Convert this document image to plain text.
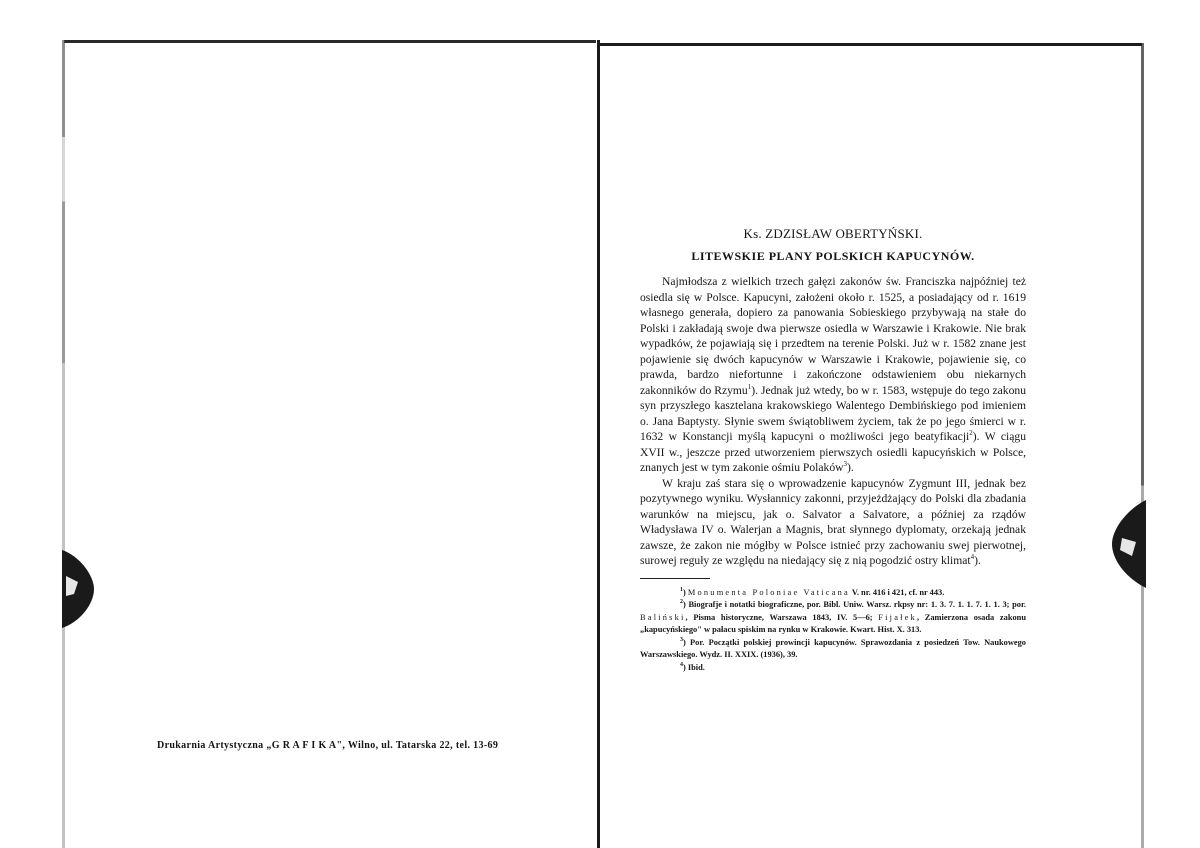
Drukarnia Artystyczna „G R A F I K A", Wilno, ul. Tatarska 22, tel. 13-69

Ks. ZDZISŁAW OBERTYŃSKI.

LITEWSKIE PLANY POLSKICH KAPUCYNÓW.

Najmłodsza z wielkich trzech gałęzi zakonów św. Franciszka najpóźniej też osiedla się w Polsce. Kapucyni, założeni około r. 1525, a posiadający od r. 1619 własnego generała, dopiero za panowania Sobieskiego przybywają na stałe do Polski i zakładają swoje dwa pierwsze osiedla w Warszawie i Krakowie. Nie brak wypadków, że pojawiają się i przedtem na terenie Polski. Już w r. 1582 znane jest pojawienie się dwóch kapucynów w Warszawie i Krakowie, pojawienie się, co prawda, bardzo niefortunne i zakończone odstawieniem obu niekarnych zakonników do Rzymu$^1$). Jednak już wtedy, bo w r. 1583, wstępuje do tego zakonu syn przyszłego kasztelana krakowskiego Walentego Dembińskiego pod imieniem o. Jana Baptysty. Słynie swem świątobliwem życiem, tak że po jego śmierci w r. 1632 w Konstancji myślą kapucyni o możliwości jego beatyfikacji$^2$). W ciągu XVII w., jeszcze przed utworzeniem pierwszych osiedli kapucyńskich w Polsce, znanych jest w tym zakonie ośmiu Polaków$^3$).

W kraju zaś stara się o wprowadzenie kapucynów Zygmunt III, jednak bez pozytywnego wyniku. Wysłannicy zakonni, przyjeżdżający do Polski dla zbadania warunków na miejscu, jak o. Salvator a Salvatore, a później za rządów Władysława IV o. Walerjan a Magnis, brat słynnego dyplomaty, orzekają jednak zawsze, że zakon nie mógłby w Polsce istnieć przy zachowaniu swej pierwotnej, surowej reguły ze względu na niedający się z nią pogodzić ostry klimat$^4$).

$^1$) Monumenta Poloniae Vaticana V. nr. 416 i 421, cf. nr 443.

$^2$) Biografje i notatki biograficzne, por. Bibl. Uniw. Warsz. rkpsy nr: 1. 3. 7. 1. 1. 7. 1. 1. 3; por. Baliński, Pisma historyczne, Warszawa 1843, IV. 5—6; Fijałek, Zamierzona osada zakonu „kapucyńskiego" w pałacu spiskim na rynku w Krakowie. Kwart. Hist. X. 313.

$^3$) Por. Początki polskiej prowincji kapucynów. Sprawozdania z posiedzeń Tow. Naukowego Warszawskiego. Wydz. II. XXIX. (1936), 39.

$^4$) Ibid.
